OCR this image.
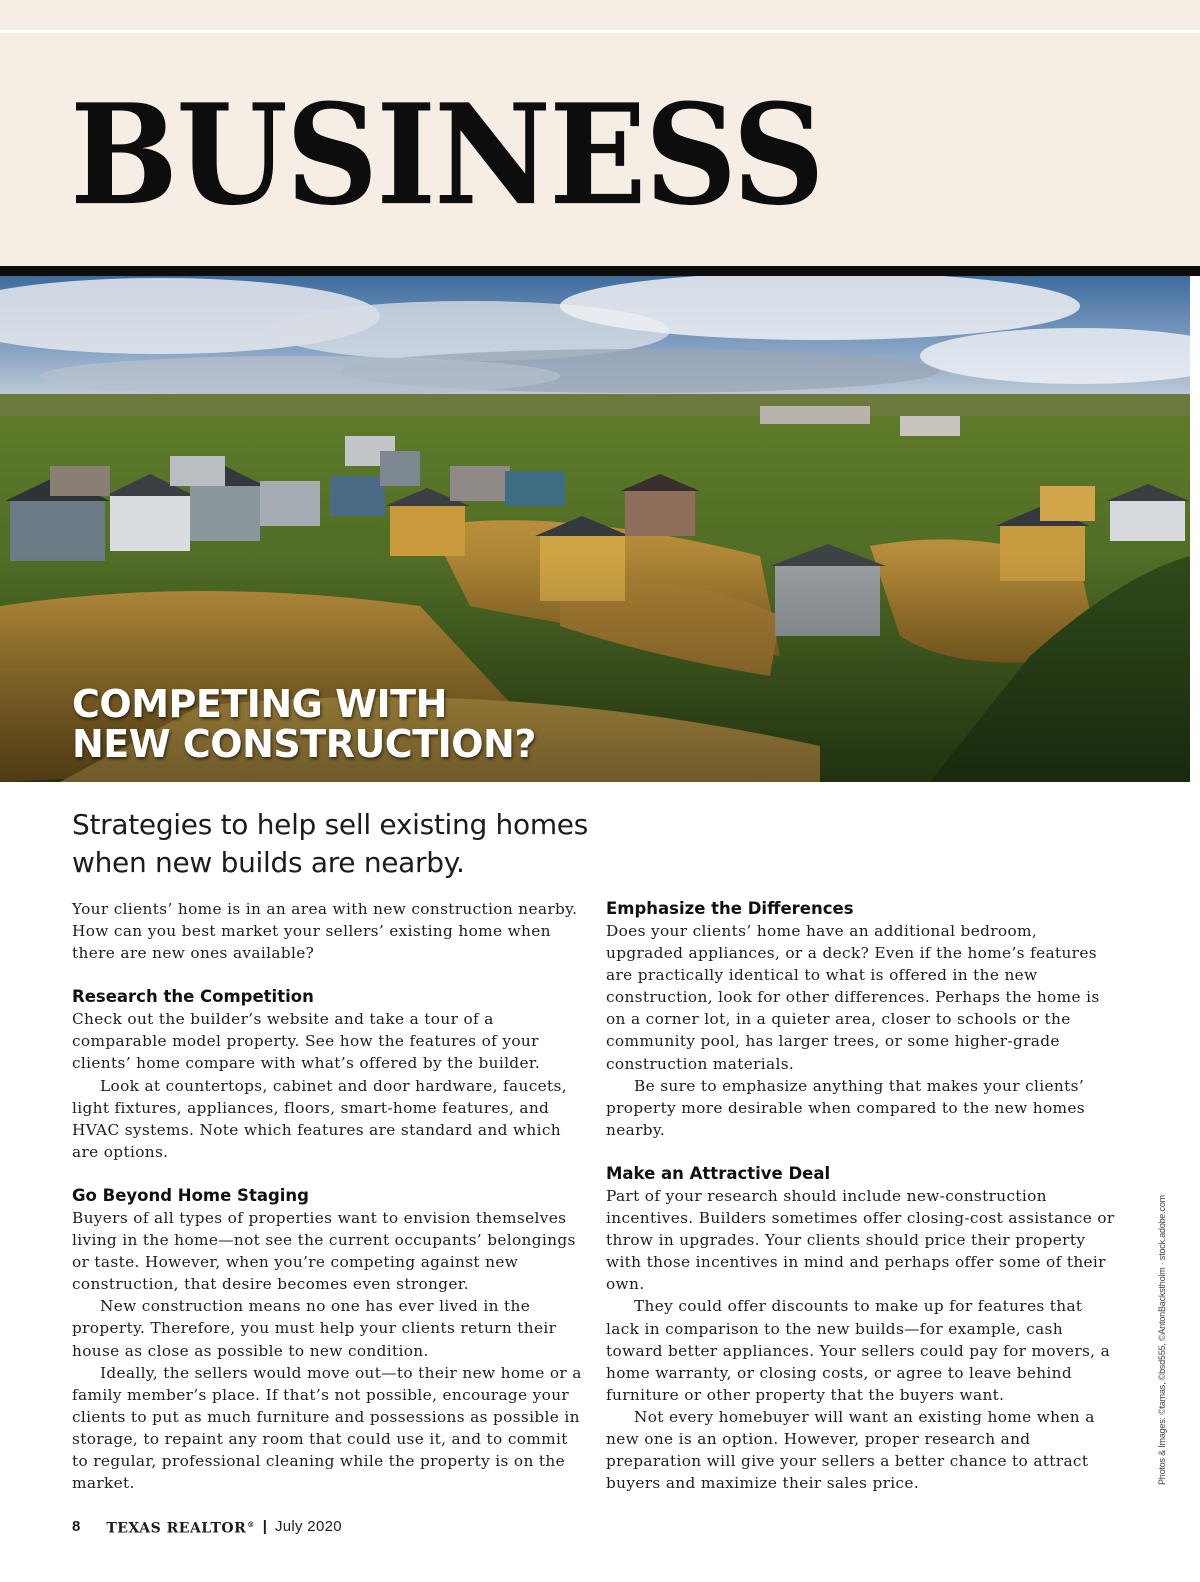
BUSINESS
COMPETING WITH
NEW CONSTRUCTION?

Strategies to help sell existing homes when new builds are nearby.

Your clients’ home is in an area with new construction nearby. How can you best market your sellers’ existing home when there are new ones available?

Research the Competition

Check out the builder’s website and take a tour of a comparable model property. See how the features of your clients’ home compare with what’s offered by the builder.

Look at countertops, cabinet and door hardware, faucets, light fixtures, appliances, floors, smart-home features, and HVAC systems. Note which features are standard and which are options.

Go Beyond Home Staging

Buyers of all types of properties want to envision themselves living in the home—not see the current occupants’ belongings or taste. However, when you’re competing against new construction, that desire becomes even stronger.

New construction means no one has ever lived in the property. Therefore, you must help your clients return their house as close as possible to new condition.

Ideally, the sellers would move out—to their new home or a family member’s place. If that’s not possible, encourage your clients to put as much furniture and possessions as possible in storage, to repaint any room that could use it, and to commit to regular, professional cleaning while the property is on the market.

Emphasize the Differences

Does your clients’ home have an additional bedroom, upgraded appliances, or a deck? Even if the home’s features are practically identical to what is offered in the new construction, look for other differences. Perhaps the home is on a corner lot, in a quieter area, closer to schools or the community pool, has larger trees, or some higher-grade construction materials.

Be sure to emphasize anything that makes your clients’ property more desirable when compared to the new homes nearby.

Make an Attractive Deal

Part of your research should include new-construction incentives. Builders sometimes offer closing-cost assistance or throw in upgrades. Your clients should price their property with those incentives in mind and perhaps offer some of their own.

They could offer discounts to make up for features that lack in comparison to the new builds—for example, cash toward better appliances. Your sellers could pay for movers, a home warranty, or closing costs, or agree to leave behind furniture or other property that the buyers want.

Not every homebuyer will want an existing home when a new one is an option. However, proper research and preparation will give your sellers a better chance to attract buyers and maximize their sales price.	Photos & Images: ©tamas, ©bsd555, ©AntonBackstholm · stock.adobe.com
8 TEXAS REALTOR® | July 2020
